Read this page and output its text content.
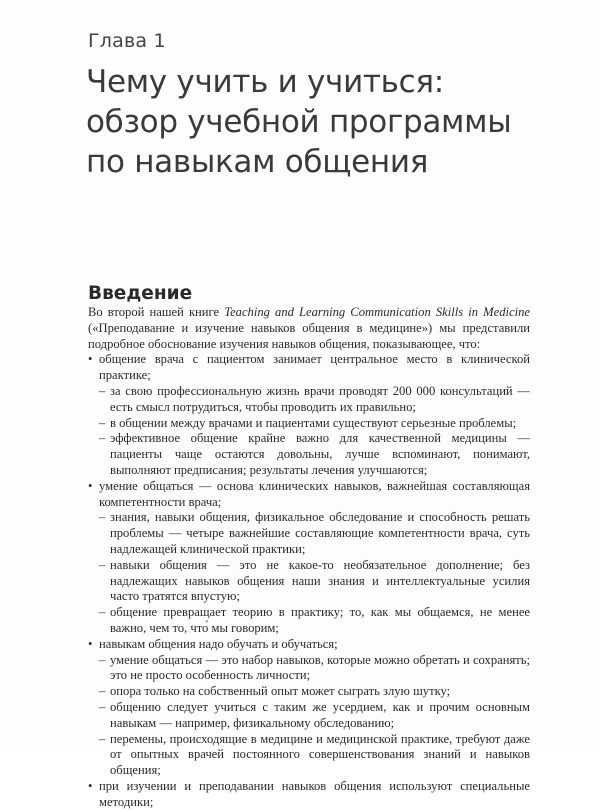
Глава 1
Чему учить и учиться:
обзор учебной программы
по навыкам общения
Введение

Во второй нашей книге Teaching and Learning Communication Skills in Medicine («Преподавание и изучение навыков общения в медицине») мы представили подробное обоснование изучения навыков общения, показывающее, что:

• общение врача с пациентом занимает центральное место в клинической практике;
– за свою профессиональную жизнь врачи проводят 200 000 консультаций — есть смысл потрудиться, чтобы проводить их правильно;
– в общении между врачами и пациентами существуют серьезные проблемы;
– эффективное общение крайне важно для качественной медицины — пациенты чаще остаются довольны, лучше вспоминают, понимают, выполняют предписания; результаты лечения улучшаются;
• умение общаться — основа клинических навыков, важнейшая составляющая компетентности врача;
– знания, навыки общения, физикальное обследование и способность решать проблемы — четыре важнейшие составляющие компетентности врача, суть надлежащей клинической практики;
– навыки общения — это не какое-то необязательное дополнение; без надлежащих навыков общения наши знания и интеллектуальные усилия часто тратятся впустую;
– общение превращает теорию в практику; то, как мы общаемся, не менее важно, чем то, что́ мы говорим;
• навыкам общения надо обучать и обучаться;
– умение общаться — это набор навыков, которые можно обретать и сохранять; это не просто особенность личности;
– опора только на собственный опыт может сыграть злую шутку;
– общению следует учиться с таким же усердием, как и прочим основным навыкам — например, физикальному обследованию;
– перемены, происходящие в медицине и медицинской практике, требуют даже от опытных врачей постоянного совершенствования знаний и навыков общения;
• при изучении и преподавании навыков общения используют специальные методики;
